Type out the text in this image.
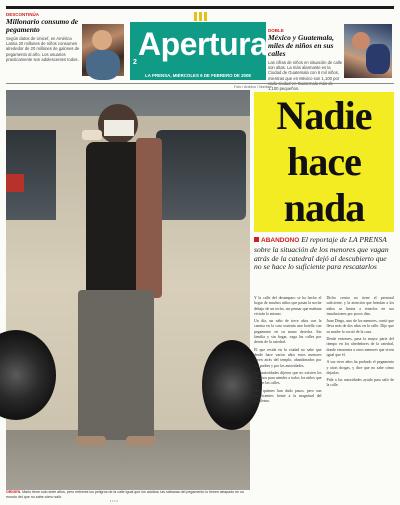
DESCONTINÚA
Millonario consumo de pegamento
Según datos de Unicef, en América Latina 20 millones de niños consumen alrededor de 20 millones de galones de pegamento al año. Los usuarios practicamente son adolescentes todos. Apertura
2
LA PRENSA, MIÉRCOLES 6 DE FEBRERO DE 2008
DOBLE
México y Guatemala, miles de niños en sus calles
Las cifras de niños en situación de calle son altas. La más alarmante es la Ciudad de Guatemala con 6 mil niños, mientras que en México son 1,100 por 1,100 pequeños.
Foto / Archivo / Nombre
ORIGEN. Mario tiene solo siete años, pero enfrenta los peligros de la calle igual que los adultos; las sábanas del pegamento lo tienen atrapado en un mundo del que no sabe cómo salir.
Nadie
hace
nada
ABANDONO El reportaje de LA PRENSA sobre la situación de los menores que vagan atrás de la catedral dejó al descubierto que no se hace lo suficiente para rescatarlos

Y la calle del desamparo se ha hecho el hogar de muchos niños que pasan la noche debajo de un techo, sin pensar que mañana vivirán lo mismo.

Un día, un niño de trece años con la camisa en la cara sostenía una botella con pegamento en su mano derecha. Sin familia y sin hogar, vaga las calles por detrás de la catedral.

El que reside en la ciudad no sabe que desde hace varios años estos menores viven atrás del templo, abandonados por sus padres y por las autoridades.

Las autoridades dijeron que no existen los recursos para atender a todos los niños que hay en las calles.

Hay quienes han dado pasos, pero son insuficientes frente a la magnitud del problema.

Dicho centro no tiene el personal suficiente, y la atención que brindan a los niños se limita a tenerlos en sus instalaciones por pocos días.

Juan Diego, uno de los menores, contó que lleva más de dos años en la calle. Dijo que su madre lo corrió de la casa.

Desde entonces, pasa la mayor parte del tiempo en los alrededores de la catedral, donde encuentra a otros menores que viven igual que él.

A sus trece años ha probado el pegamento y otras drogas, y dice que no sabe cómo dejarlas.

Pide a las autoridades ayuda para salir de la calle.

• • • •
